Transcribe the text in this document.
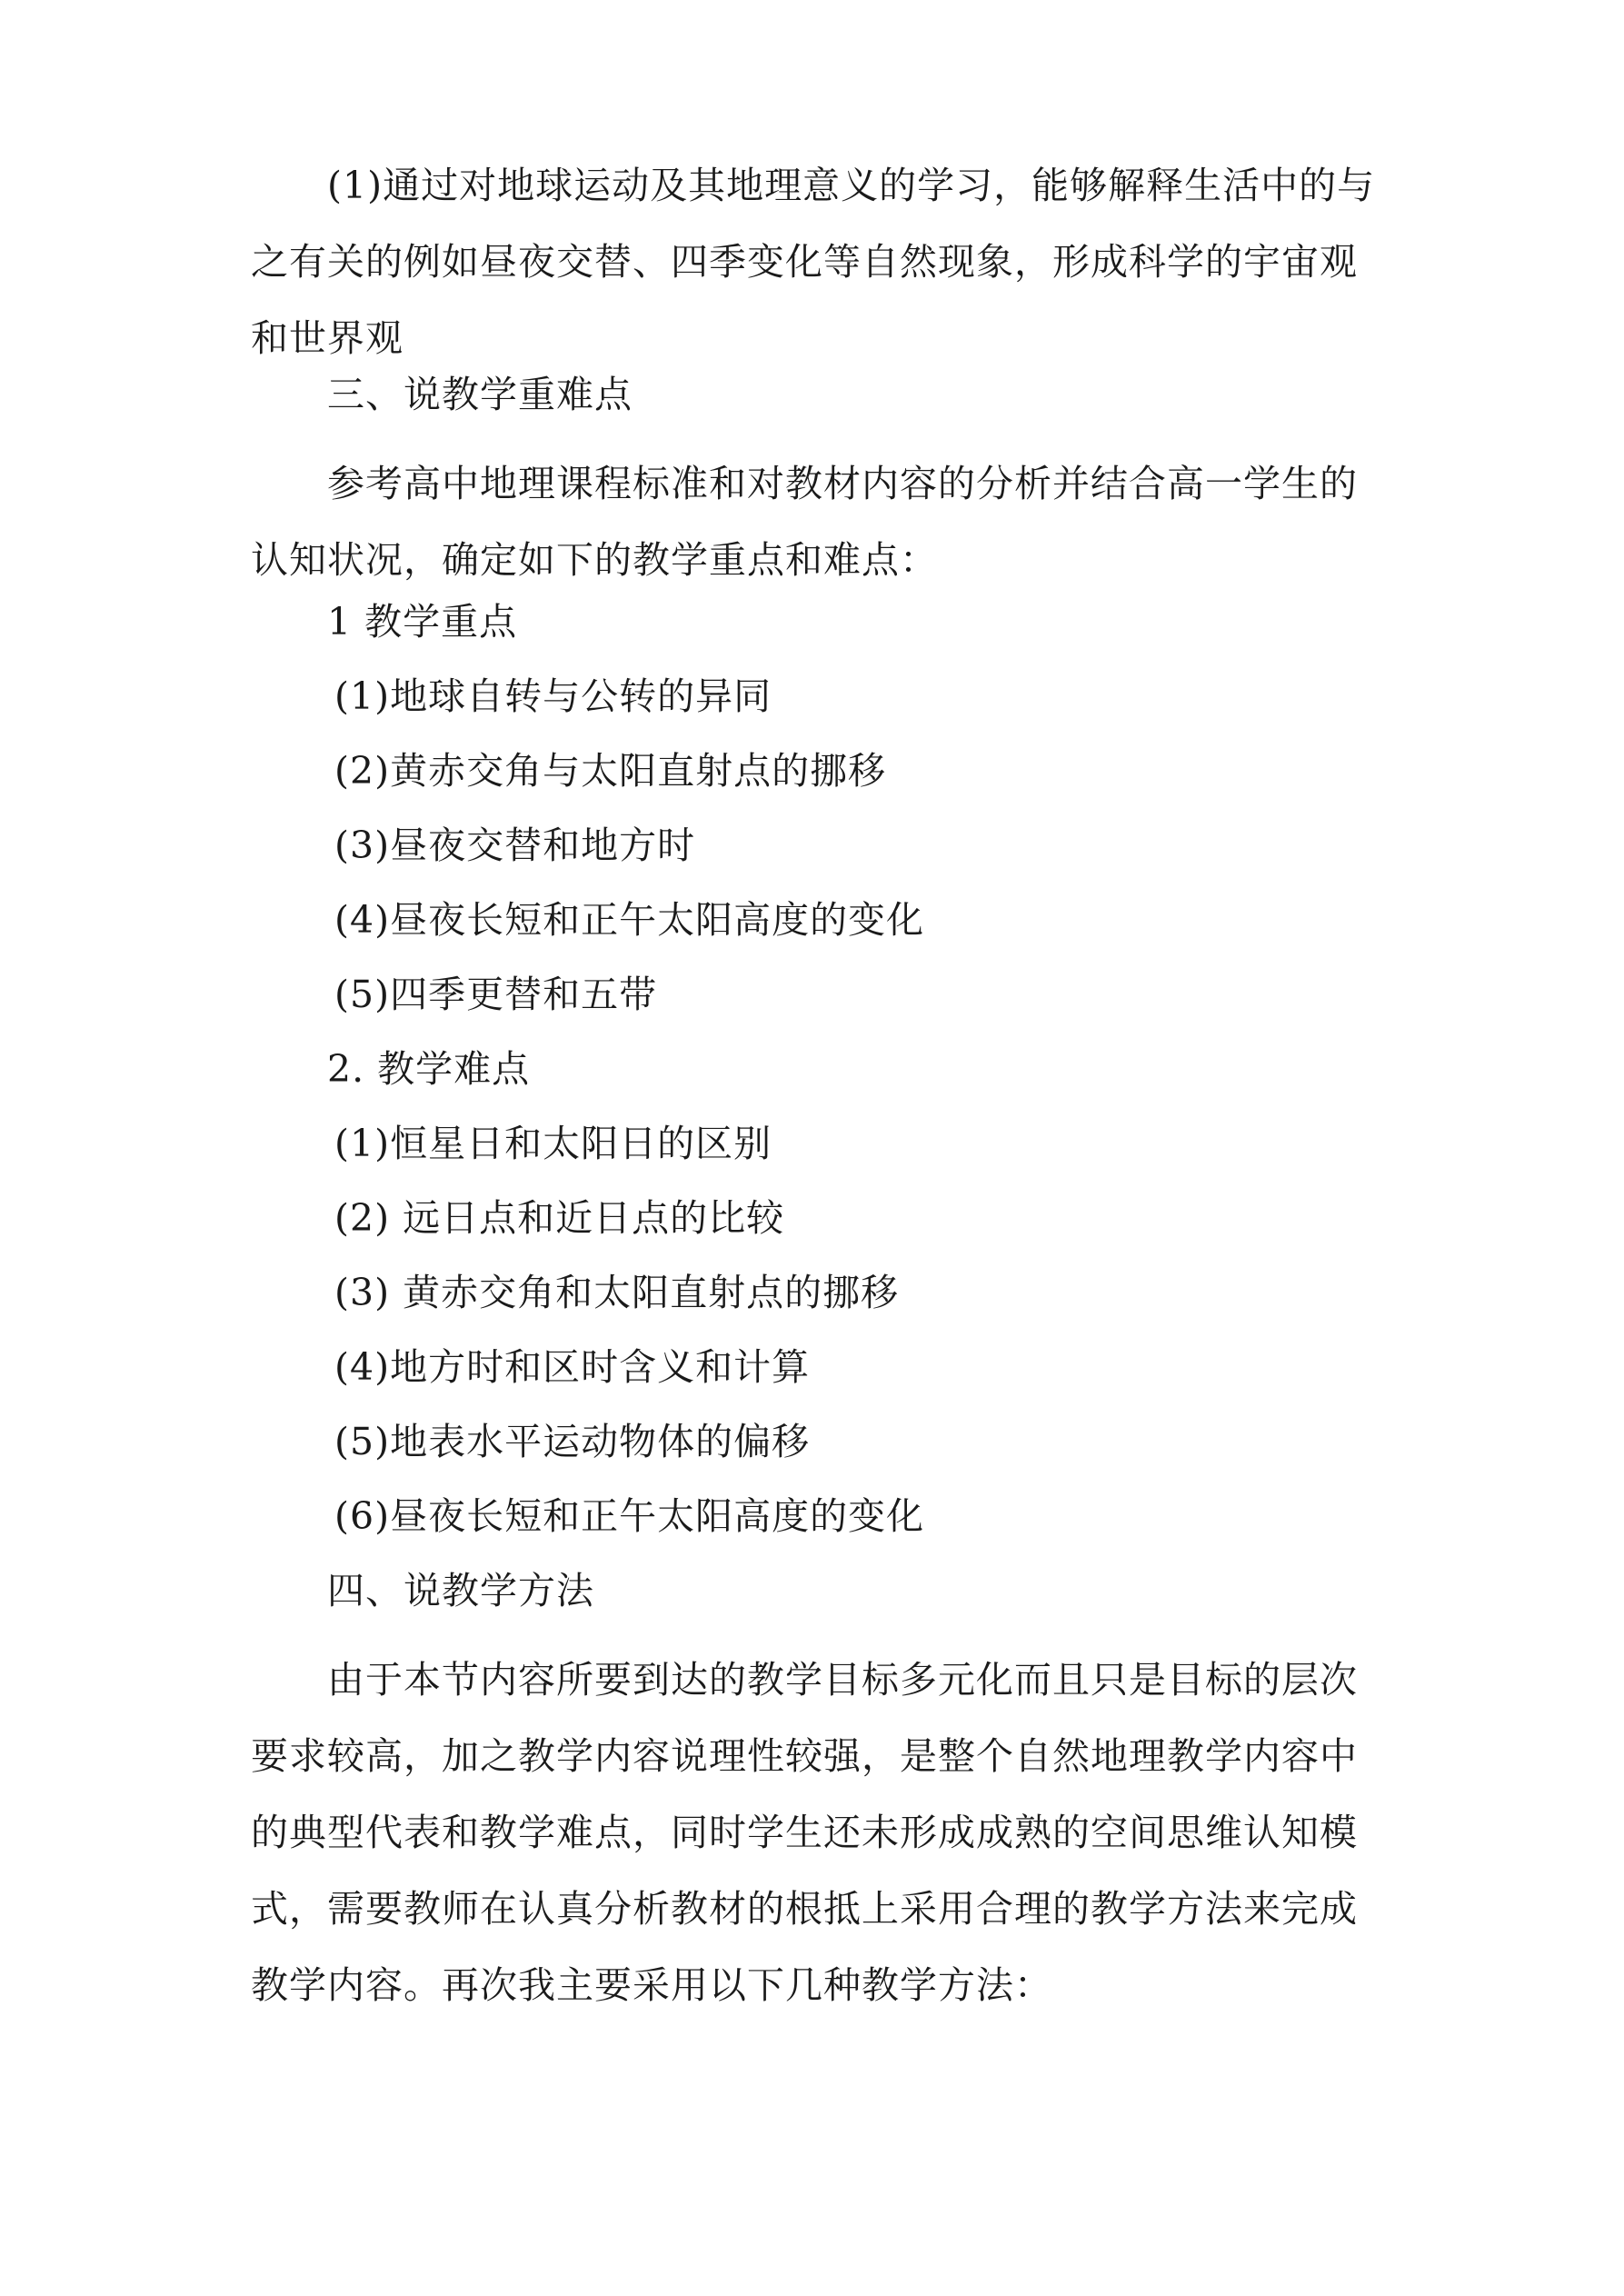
(1)通过对地球运动及其地理意义的学习，能够解释生活中的与之有关的例如昼夜交替、四季变化等自然现象，形成科学的宇宙观和世界观

三、说教学重难点

参考高中地理课程标准和对教材内容的分析并结合高一学生的认知状况，确定如下的教学重点和难点：

1 教学重点
(1)地球自转与公转的异同
(2)黄赤交角与太阳直射点的挪移
(3)昼夜交替和地方时
(4)昼夜长短和正午太阳高度的变化
(5)四季更替和五带
2. 教学难点
(1)恒星日和太阳日的区别
(2) 远日点和近日点的比较
(3) 黄赤交角和太阳直射点的挪移
(4)地方时和区时含义和计算
(5)地表水平运动物体的偏移
(6)昼夜长短和正午太阳高度的变化
四、说教学方法

由于本节内容所要到达的教学目标多元化而且只是目标的层次要求较高，加之教学内容说理性较强，是整个自然地理教学内容中的典型代表和教学难点，同时学生还未形成成熟的空间思维认知模式，需要教师在认真分析教材的根抵上采用合理的教学方法来完成教学内容。再次我主要采用以下几种教学方法：
